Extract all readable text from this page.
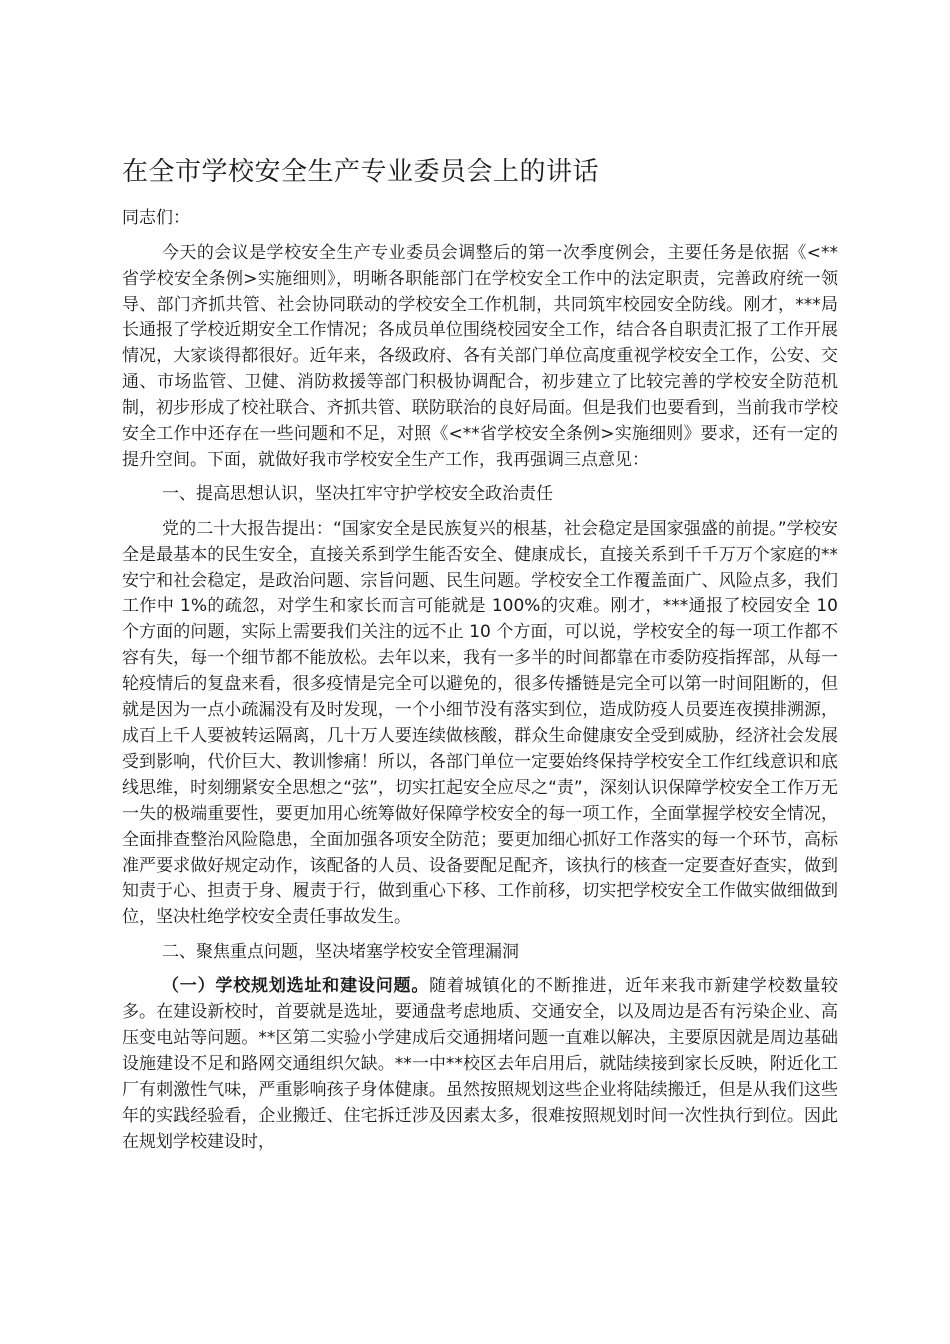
在全市学校安全生产专业委员会上的讲话

同志们：

今天的会议是学校安全生产专业委员会调整后的第一次季度例会，主要任务是依据《<**省学校安全条例>实施细则》，明晰各职能部门在学校安全工作中的法定职责，完善政府统一领导、部门齐抓共管、社会协同联动的学校安全工作机制，共同筑牢校园安全防线。刚才，***局长通报了学校近期安全工作情况；各成员单位围绕校园安全工作，结合各自职责汇报了工作开展情况，大家谈得都很好。近年来，各级政府、各有关部门单位高度重视学校安全工作，公安、交通、市场监管、卫健、消防救援等部门积极协调配合，初步建立了比较完善的学校安全防范机制，初步形成了校社联合、齐抓共管、联防联治的良好局面。但是我们也要看到，当前我市学校安全工作中还存在一些问题和不足，对照《<**省学校安全条例>实施细则》要求，还有一定的提升空间。下面，就做好我市学校安全生产工作，我再强调三点意见：

一、提高思想认识，坚决扛牢守护学校安全政治责任

党的二十大报告提出：“国家安全是民族复兴的根基，社会稳定是国家强盛的前提。”学校安全是最基本的民生安全，直接关系到学生能否安全、健康成长，直接关系到千千万万个家庭的**安宁和社会稳定，是政治问题、宗旨问题、民生问题。学校安全工作覆盖面广、风险点多，我们工作中 1%的疏忽，对学生和家长而言可能就是 100%的灾难。刚才，***通报了校园安全 10 个方面的问题，实际上需要我们关注的远不止 10 个方面，可以说，学校安全的每一项工作都不容有失，每一个细节都不能放松。去年以来，我有一多半的时间都靠在市委防疫指挥部，从每一轮疫情后的复盘来看，很多疫情是完全可以避免的，很多传播链是完全可以第一时间阻断的，但就是因为一点小疏漏没有及时发现，一个小细节没有落实到位，造成防疫人员要连夜摸排溯源，成百上千人要被转运隔离，几十万人要连续做核酸，群众生命健康安全受到威胁，经济社会发展受到影响，代价巨大、教训惨痛！所以，各部门单位一定要始终保持学校安全工作红线意识和底线思维，时刻绷紧安全思想之“弦”，切实扛起安全应尽之“责”，深刻认识保障学校安全工作万无一失的极端重要性，要更加用心统筹做好保障学校安全的每一项工作，全面掌握学校安全情况，全面排查整治风险隐患，全面加强各项安全防范；要更加细心抓好工作落实的每一个环节，高标准严要求做好规定动作，该配备的人员、设备要配足配齐，该执行的核查一定要查好查实，做到知责于心、担责于身、履责于行，做到重心下移、工作前移，切实把学校安全工作做实做细做到位，坚决杜绝学校安全责任事故发生。

二、聚焦重点问题，坚决堵塞学校安全管理漏洞

（一）学校规划选址和建设问题。随着城镇化的不断推进，近年来我市新建学校数量较多。在建设新校时，首要就是选址，要通盘考虑地质、交通安全，以及周边是否有污染企业、高压变电站等问题。**区第二实验小学建成后交通拥堵问题一直难以解决，主要原因就是周边基础设施建设不足和路网交通组织欠缺。**一中**校区去年启用后，就陆续接到家长反映，附近化工厂有刺激性气味，严重影响孩子身体健康。虽然按照规划这些企业将陆续搬迁，但是从我们这些年的实践经验看，企业搬迁、住宅拆迁涉及因素太多，很难按照规划时间一次性执行到位。因此在规划学校建设时，
